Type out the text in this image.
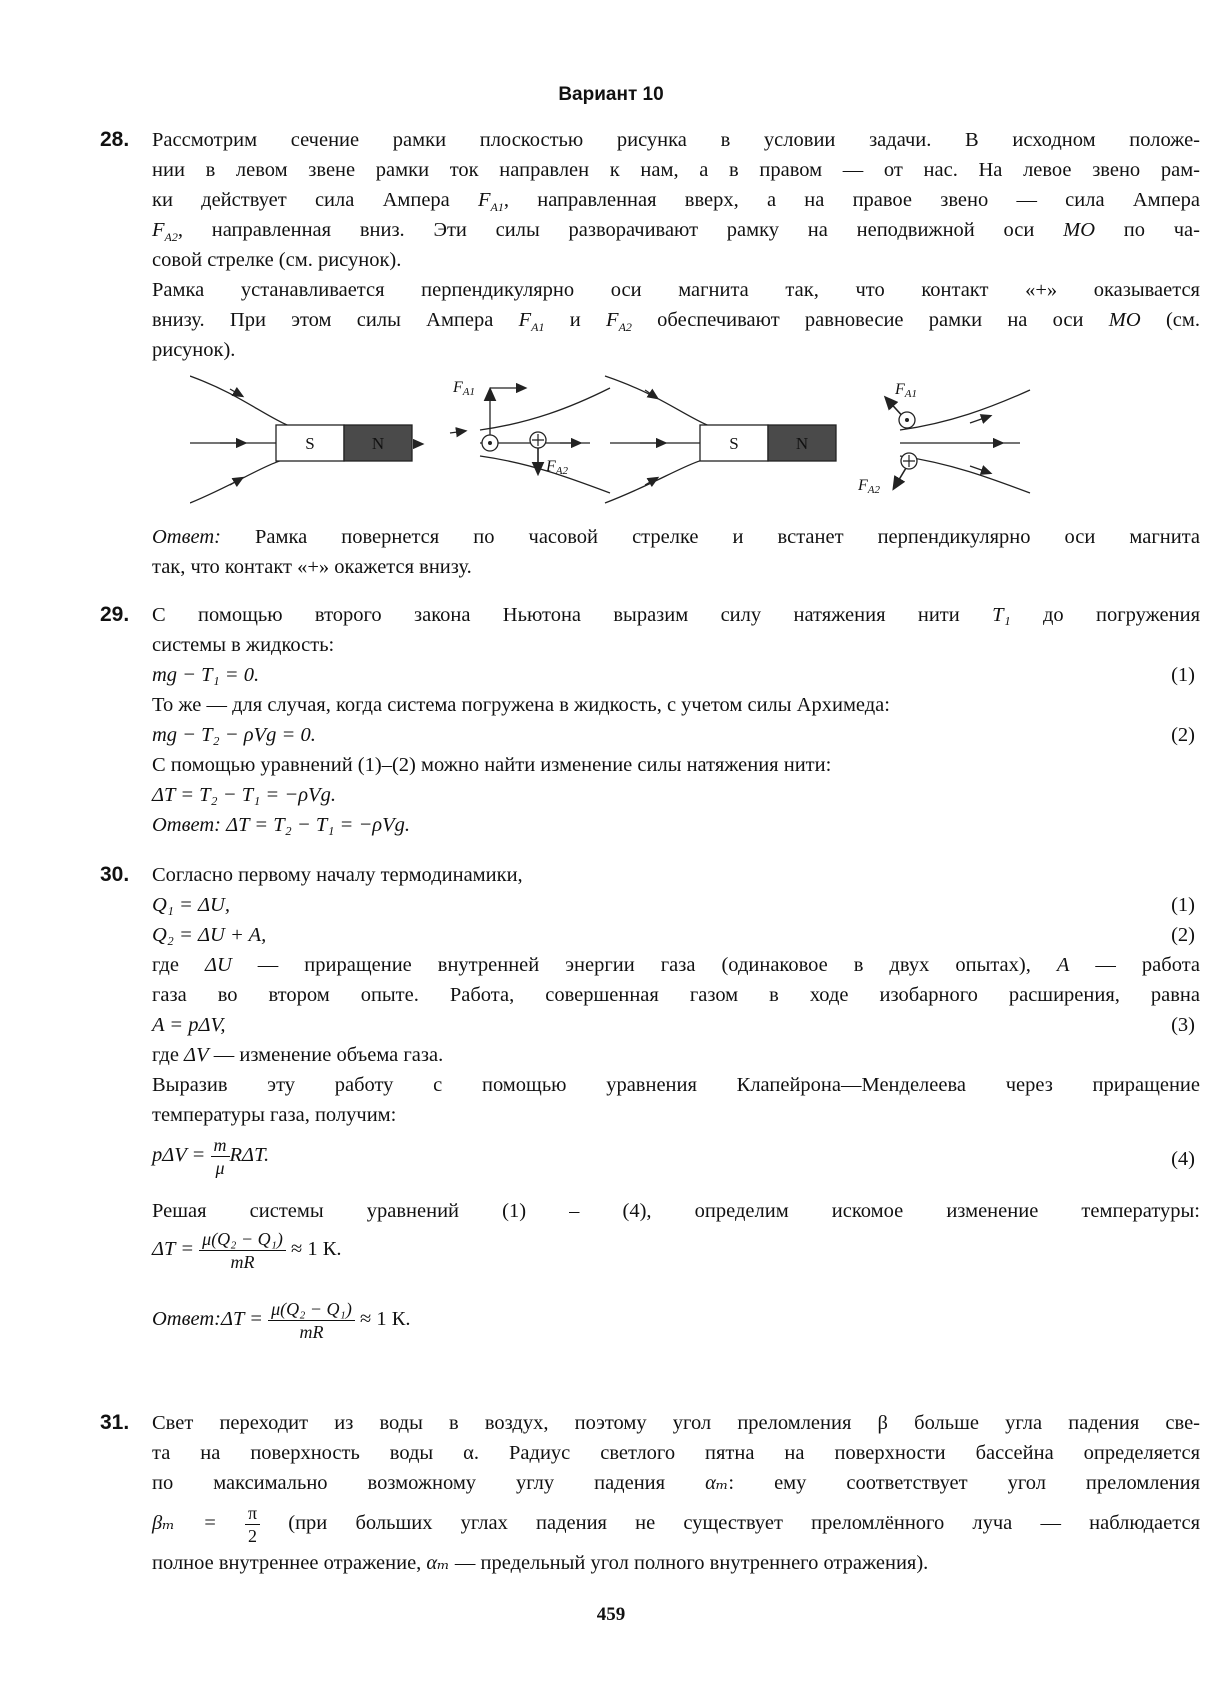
Вариант 10
28. Рассмотрим сечение рамки плоскостью рисунка в условии задачи. В исходном положе-
нии в левом звене рамки ток направлен к нам, а в правом — от нас. На левое звено рам-
ки действует сила Ампера $F_{A1}$, направленная вверх, а на правое звено — сила Ампера
$F_{A2}$, направленная вниз. Эти силы разворачивают рамку на неподвижной оси МО по ча-
совой стрелке (см. рисунок).
Рамка устанавливается перпендикулярно оси магнита так, что контакт «+» оказывается
внизу. При этом силы Ампера $F_{A1}$ и $F_{A2}$ обеспечивают равновесие рамки на оси МО (см.
рисунок).
S	N
FA1
FA2
S	N
FA1
FA2
Ответ: Рамка повернется по часовой стрелке и встанет перпендикулярно оси магнита
так, что контакт «+» окажется внизу.
29. С помощью второго закона Ньютона выразим силу натяжения нити T₁ до погружения
системы в жидкость:
mg − T₁ = 0.	(1)
То же — для случая, когда система погружена в жидкость, с учетом силы Архимеда:
mg − T₂ − ρVg = 0.	(2)
С помощью уравнений (1)–(2) можно найти изменение силы натяжения нити:
ΔT = T₂ − T₁ = −ρVg.
Ответ: ΔT = T₂ − T₁ = −ρVg.
30. Согласно первому началу термодинамики,
Q₁ = ΔU,	(1)
Q₂ = ΔU + A,	(2)
где ΔU — приращение внутренней энергии газа (одинаковое в двух опытах), A — работа
газа во втором опыте. Работа, совершенная газом в ходе изобарного расширения, равна
A = pΔV,	(3)
где ΔV — изменение объема газа.
Выразив эту работу с помощью уравнения Клапейрона—Менделеева через приращение
температуры газа, получим:
$p\Delta V = \frac{m}{\mu} R\Delta T$.	(4)
Решая системы уравнений (1) – (4), определим искомое изменение температуры:
$\Delta T = \frac{\text{μ(Q₂ − Q₁)}}{mR} \approx 1$ К.
Ответ:ΔT = $\frac{\text{μ(Q₂ − Q₁)}}{mR} \approx 1$ К.
31. Свет переходит из воды в воздух, поэтому угол преломления β больше угла падения све-
та на поверхность воды α. Радиус светлого пятна на поверхности бассейна определяется
по максимально возможному углу падения αₘ: ему соответствует угол преломления
$\beta_m = \frac{\pi}{2} (при$ больших углах падения не существует преломлённого луча — наблюдается
полное внутреннее отражение, αₘ — предельный угол полного внутреннего отражения).
459
